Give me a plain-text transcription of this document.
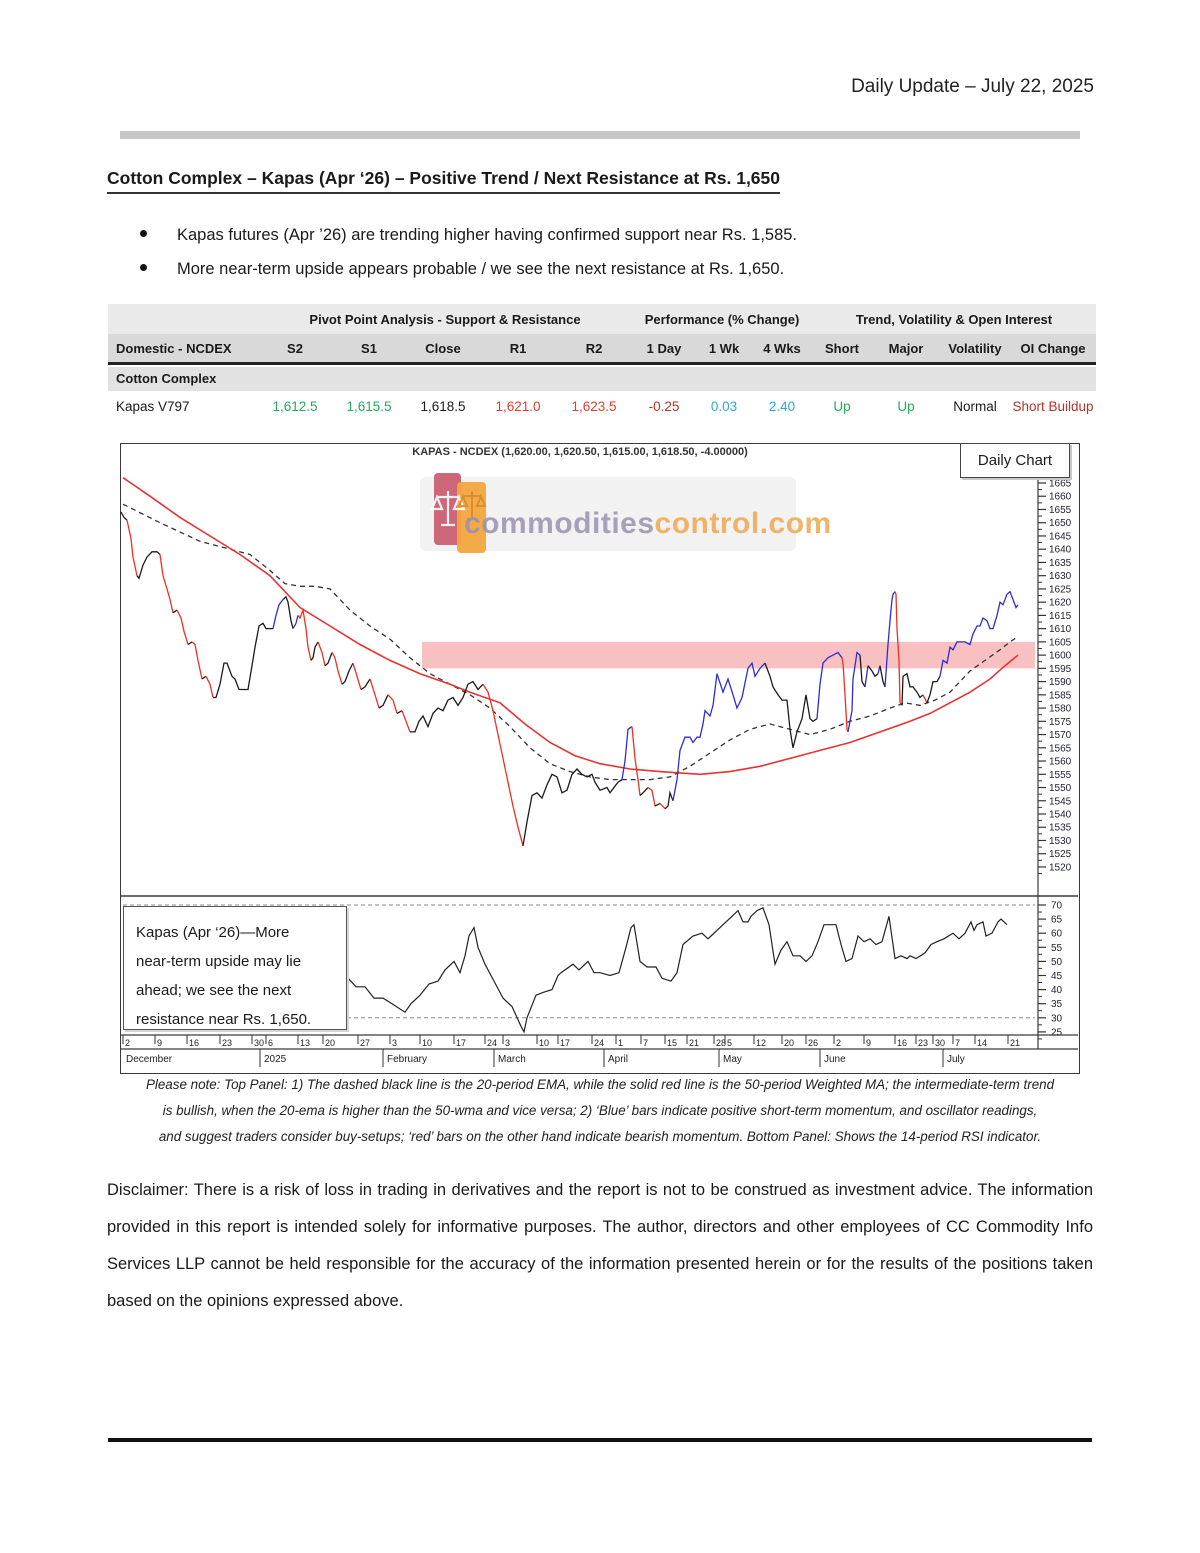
Daily Update – July 22, 2025
Cotton Complex – Kapas (Apr ‘26) – Positive Trend / Next Resistance at Rs. 1,650
Kapas futures (Apr ’26) are trending higher having confirmed support near Rs. 1,585.
More near-term upside appears probable / we see the next resistance at Rs. 1,650.
Pivot Point Analysis - Support & Resistance	Performance (% Change)	Trend, Volatility & Open Interest
Domestic - NCDEX	S2	S1	Close	R1	R2	1 Day	1 Wk	4 Wks	Short	Major	Volatility	OI Change
Cotton Complex
Kapas V797	1,612.5	1,615.5	1,618.5	1,621.0	1,623.5	-0.25	0.03	2.40	Up	Up	Normal	Short Buildup
commoditiescontrol.com
1665
1660
1655
1650
1645
1640
1635
1630
1625
1620
1615
1610
1605
1600
1595
1590
1585
1580
1575
1570
1565
1560
1555
1550
1545
1540
1535
1530
1525
1520
70
65
60
55
50
45
40
35
30
25
2	9	16	23 30 6	13 20	27 3	10	17 24 3	10 17	24 1 7 15 21 28 5	12 20 26 2	9	16 23 30 7 14	21
December	2025	February	March	April	May	June	July
KAPAS - NCDEX (1,620.00, 1,620.50, 1,615.00, 1,618.50, -4.00000)	Daily Chart
Kapas (Apr ‘26)—More
near-term upside may lie
ahead; we see the next
resistance near Rs. 1,650.
Please note: Top Panel: 1) The dashed black line is the 20-period EMA, while the solid red line is the 50-period Weighted MA; the intermediate-term trend
is bullish, when the 20-ema is higher than the 50-wma and vice versa; 2) ‘Blue’ bars indicate positive short-term momentum, and oscillator readings,
and suggest traders consider buy-setups; ‘red’ bars on the other hand indicate bearish momentum. Bottom Panel: Shows the 14-period RSI indicator.
Disclaimer: There is a risk of loss in trading in derivatives and the report is not to be construed as investment advice. The information provided in this report is intended solely for informative purposes. The author, directors and other employees of CC Commodity Info Services LLP cannot be held responsible for the accuracy of the information presented herein or for the results of the positions taken based on the opinions expressed above.
